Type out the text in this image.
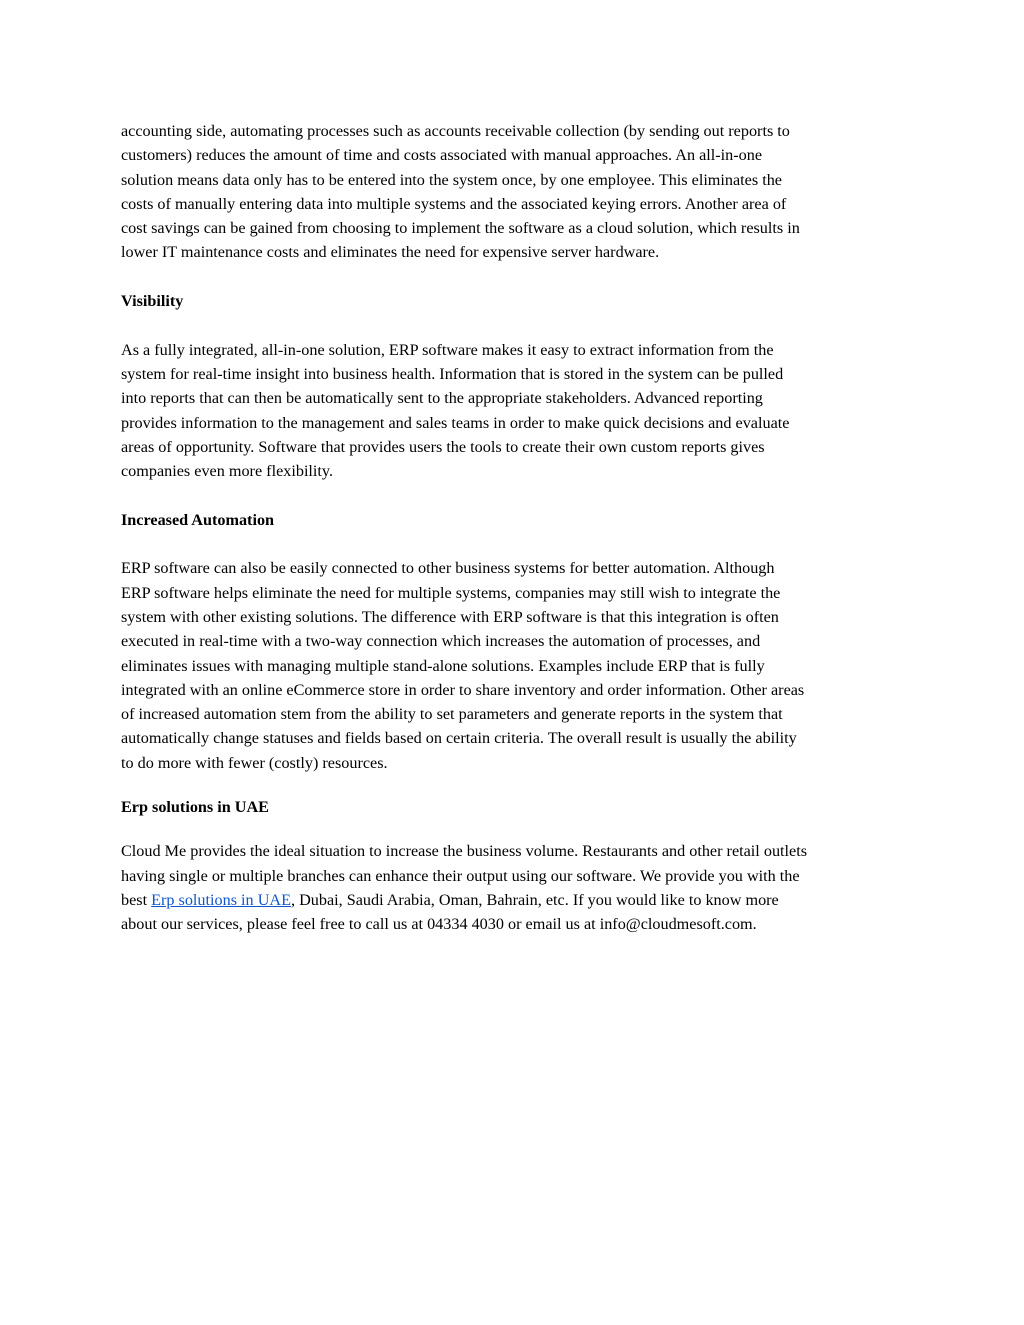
accounting side, automating processes such as accounts receivable collection (by sending out reports to
customers) reduces the amount of time and costs associated with manual approaches. An all-in-one
solution means data only has to be entered into the system once, by one employee. This eliminates the
costs of manually entering data into multiple systems and the associated keying errors. Another area of
cost savings can be gained from choosing to implement the software as a cloud solution, which results in
lower IT maintenance costs and eliminates the need for expensive server hardware.

Visibility

As a fully integrated, all-in-one solution, ERP software makes it easy to extract information from the
system for real-time insight into business health. Information that is stored in the system can be pulled
into reports that can then be automatically sent to the appropriate stakeholders. Advanced reporting
provides information to the management and sales teams in order to make quick decisions and evaluate
areas of opportunity. Software that provides users the tools to create their own custom reports gives
companies even more flexibility.

Increased Automation

ERP software can also be easily connected to other business systems for better automation. Although
ERP software helps eliminate the need for multiple systems, companies may still wish to integrate the
system with other existing solutions. The difference with ERP software is that this integration is often
executed in real-time with a two-way connection which increases the automation of processes, and
eliminates issues with managing multiple stand-alone solutions. Examples include ERP that is fully
integrated with an online eCommerce store in order to share inventory and order information. Other areas
of increased automation stem from the ability to set parameters and generate reports in the system that
automatically change statuses and fields based on certain criteria. The overall result is usually the ability
to do more with fewer (costly) resources.

Erp solutions in UAE

Cloud Me provides the ideal situation to increase the business volume. Restaurants and other retail outlets
having single or multiple branches can enhance their output using our software. We provide you with the
best Erp solutions in UAE, Dubai, Saudi Arabia, Oman, Bahrain, etc. If you would like to know more
about our services, please feel free to call us at 04334 4030 or email us at info@cloudmesoft.com.
